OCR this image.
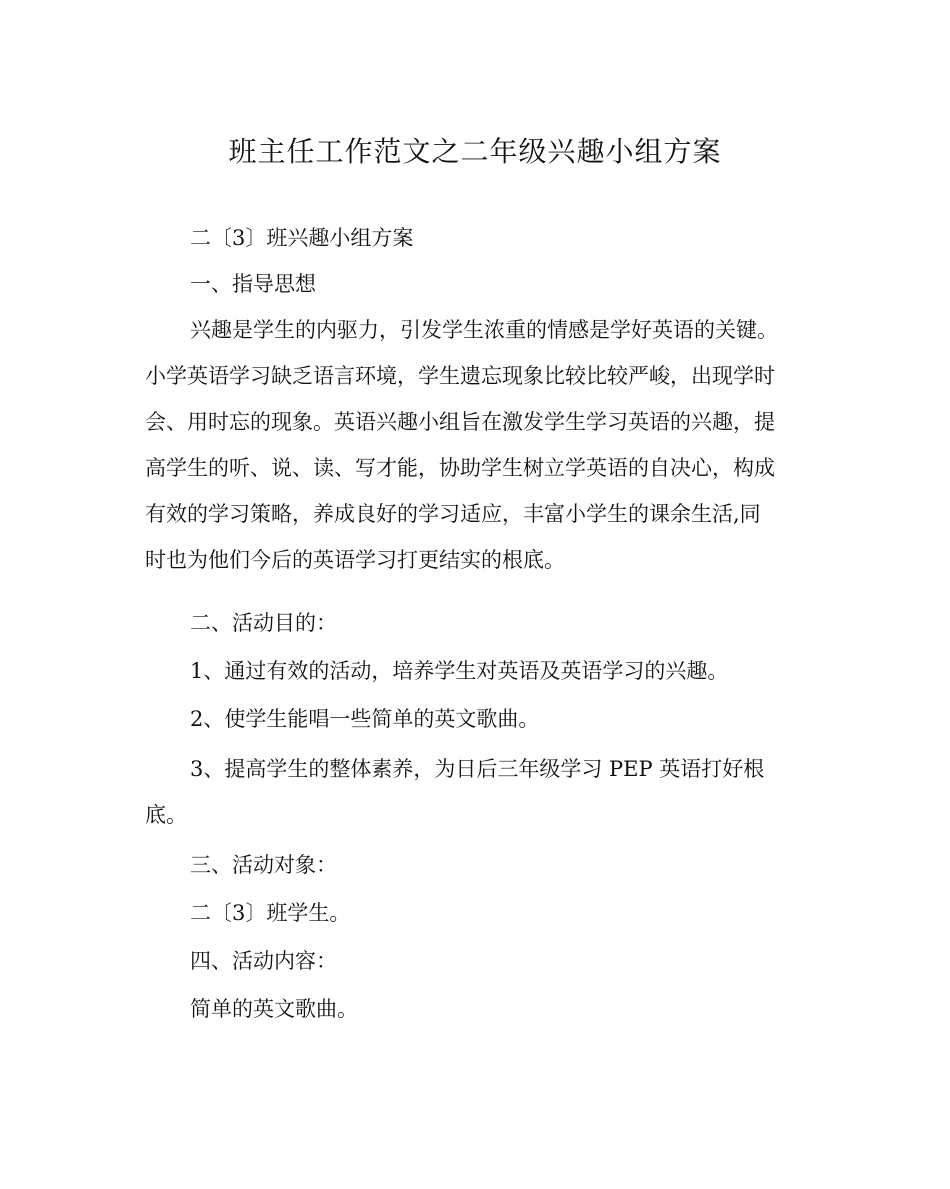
班主任工作范文之二年级兴趣小组方案

二〔3〕班兴趣小组方案

一、指导思想

兴趣是学生的内驱力，引发学生浓重的情感是学好英语的关键。
小学英语学习缺乏语言环境，学生遗忘现象比较比较严峻，出现学时
会、用时忘的现象。英语兴趣小组旨在激发学生学习英语的兴趣，提
高学生的听、说、读、写才能，协助学生树立学英语的自决心，构成
有效的学习策略，养成良好的学习适应，丰富小学生的课余生活,同
时也为他们今后的英语学习打更结实的根底。

二、活动目的：

1、通过有效的活动，培养学生对英语及英语学习的兴趣。

2、使学生能唱一些简单的英文歌曲。

3、提高学生的整体素养，为日后三年级学习 PEP 英语打好根
底。

三、活动对象：

二〔3〕班学生。

四、活动内容：

简单的英文歌曲。
